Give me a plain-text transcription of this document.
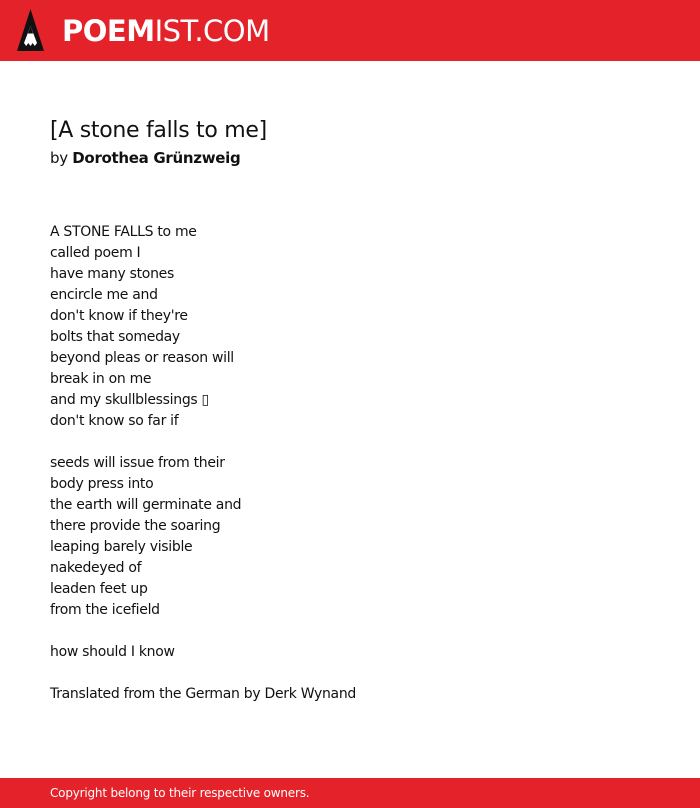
POEMIST.COM
[A stone falls to me]
by Dorothea Grünzweig
A STONE FALLS to me
called poem I
have many stones
encircle me and
don't know if they're
bolts that someday
beyond pleas or reason will
break in on me
and my skullblessings ▯
don't know so far if
seeds will issue from their
body press into
the earth will germinate and
there provide the soaring
leaping barely visible
nakedeyed of
leaden feet up
from the icefield
how should I know
Translated from the German by Derk Wynand
Copyright belong to their respective owners.
